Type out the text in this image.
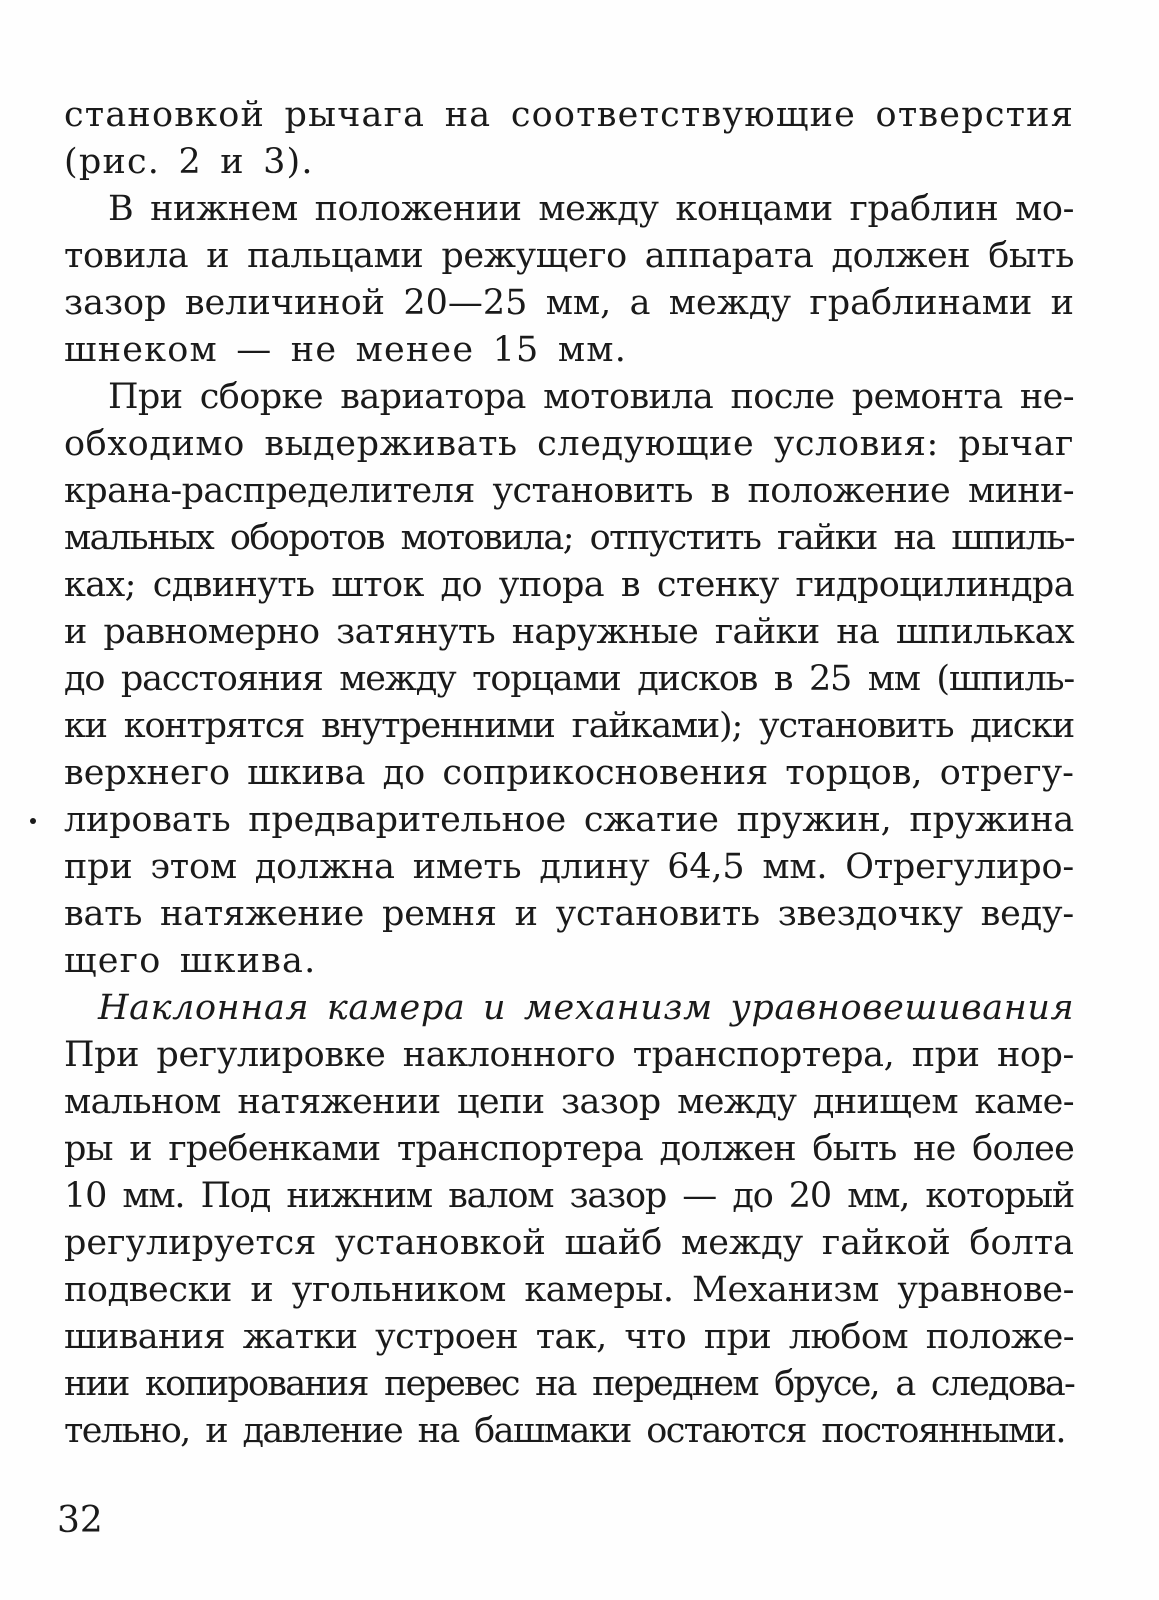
становкой рычага на соответствующие отверстия
(рис. 2 и 3).
В нижнем положении между концами граблин мо-
товила и пальцами режущего аппарата должен быть
зазор величиной 20—25 мм, а между граблинами и
шнеком — не менее 15 мм.
При сборке вариатора мотовила после ремонта не-
обходимо выдерживать следующие условия: рычаг
крана-распределителя установить в положение мини-
мальных оборотов мотовила; отпустить гайки на шпиль-
ках; сдвинуть шток до упора в стенку гидроцилиндра
и равномерно затянуть наружные гайки на шпильках
до расстояния между торцами дисков в 25 мм (шпиль-
ки контрятся внутренними гайками); установить диски
верхнего шкива до соприкосновения торцов, отрегу-
лировать предварительное сжатие пружин, пружина
при этом должна иметь длину 64,5 мм. Отрегулиро-
вать натяжение ремня и установить звездочку веду-
щего шкива.
Наклонная камера и механизм уравновешивания
При регулировке наклонного транспортера, при нор-
мальном натяжении цепи зазор между днищем каме-
ры и гребенками транспортера должен быть не более
10 мм. Под нижним валом зазор — до 20 мм, который
регулируется установкой шайб между гайкой болта
подвески и угольником камеры. Механизм уравнове-
шивания жатки устроен так, что при любом положе-
нии копирования перевес на переднем брусе, а следова-
тельно, и давление на башмаки остаются постоянными.
32
